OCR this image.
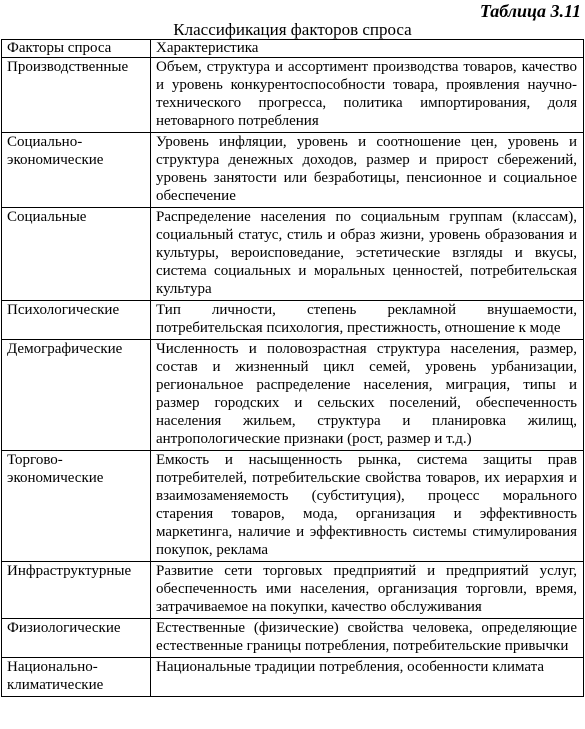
Таблица 3.11
Классификация факторов спроса
Факторы спроса	Характеристика
Производственные	Объем, структура и ассортимент производства товаров, качество и уровень конкурентоспособности товара, проявления научно-технического прогресса, политика импортирования, доля нетоварного потребления
Социально-экономические	Уровень инфляции, уровень и соотношение цен, уровень и структура денежных доходов, размер и прирост сбережений, уровень занятости или безработицы, пенсионное и социальное обеспечение
Социальные	Распределение населения по социальным группам (классам), социальный статус, стиль и образ жизни, уровень образования и культуры, вероисповедание, эстетические взгляды и вкусы, система социальных и моральных ценностей, потребительская культура
Психологические	Тип личности, степень рекламной внушаемости, потребительская психология, престижность, отношение к моде
Демографические	Численность и половозрастная структура населения, размер, состав и жизненный цикл семей, уровень урбанизации, региональное распределение населения, миграция, типы и размер городских и сельских поселений, обеспеченность населения жильем, структура и планировка жилищ, антропологические признаки (рост, размер и т.д.)
Торгово-экономические	Емкость и насыщенность рынка, система защиты прав потребителей, потребительские свойства товаров, их иерархия и взаимозаменяемость (субституция), процесс морального старения товаров, мода, организация и эффективность маркетинга, наличие и эффективность системы стимулирования покупок, реклама
Инфраструктурные	Развитие сети торговых предприятий и предприятий услуг, обеспеченность ими населения, организация торговли, время, затрачиваемое на покупки, качество обслуживания
Физиологические	Естественные (физические) свойства человека, определяющие естественные границы потребления, потребительские привычки
Национально-климатические	Национальные традиции потребления, особенности климата
